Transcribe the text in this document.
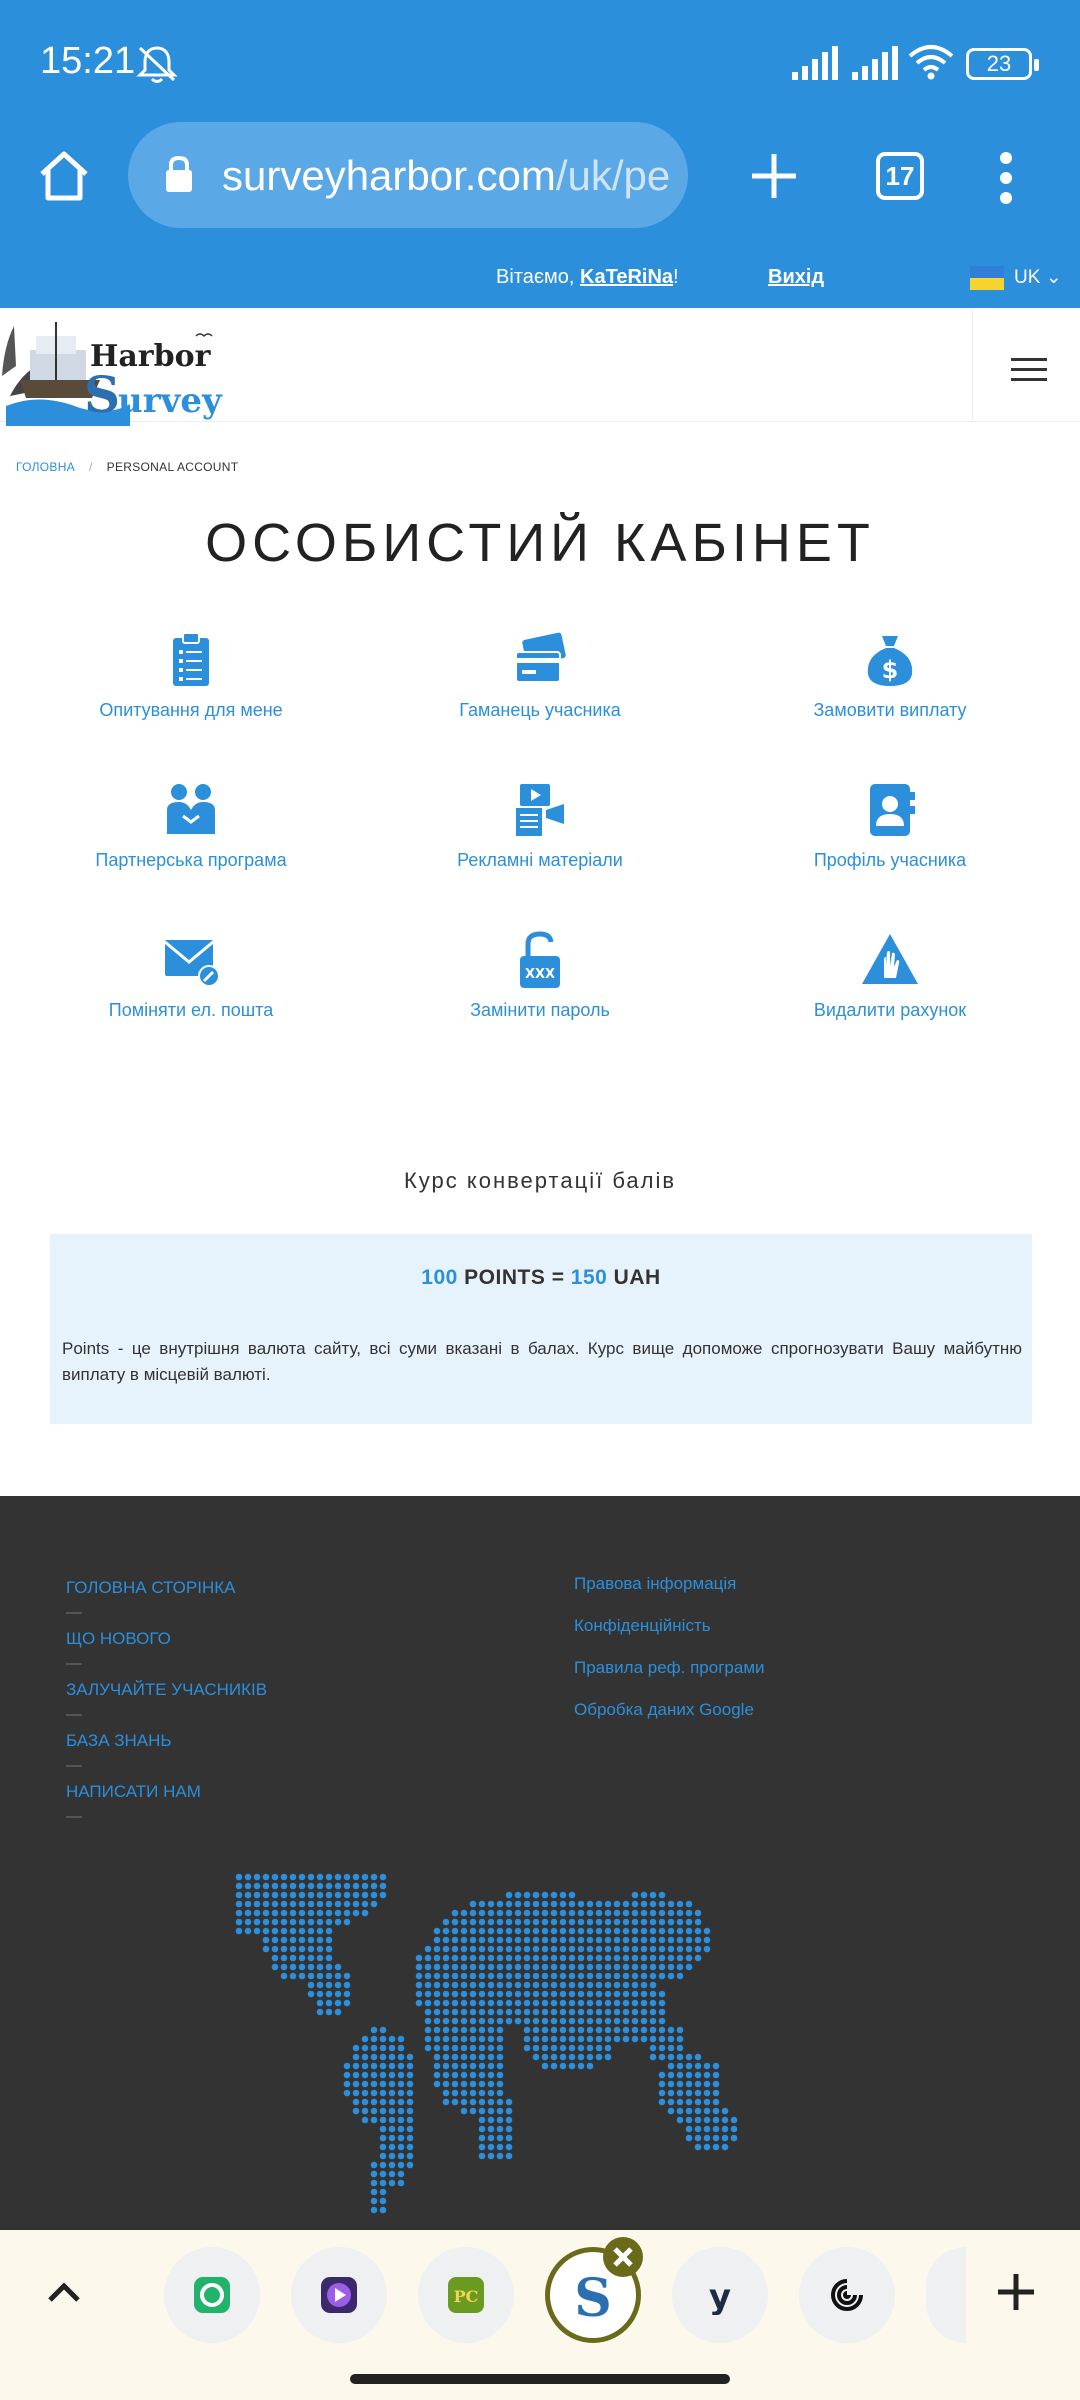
15:21	23
surveyharbor.com/uk/pe	17
Вітаємо, KaTeRiNa!	Вихід	UK ⌄
Harbor
S
urvey
ГОЛОВНА / PERSONAL ACCOUNT
ОСОБИСТИЙ КАБІНЕТ
Опитування для мене	Гаманець учасника
$
Замовити виплату
Партнерська програма	Рекламні матеріали	Профіль учасника
Поміняти ел. пошта
XXX
Замінити пароль	Видалити рахунок
Курс конвертації балів
100 POINTS = 150 UAH
Points - це внутрішня валюта сайту, всі суми вказані в балах. Курс вище допоможе спрогнозувати Вашу майбутню виплату в місцевій валюті.
ГОЛОВНА СТОРІНКА
ЩО НОВОГО
ЗАЛУЧАЙТЕ УЧАСНИКІВ
БАЗА ЗНАНЬ
НАПИСАТИ НАМ
Правова інформація
Конфіденційність
Правила реф. програми
Обробка даних Google
PC S	y
